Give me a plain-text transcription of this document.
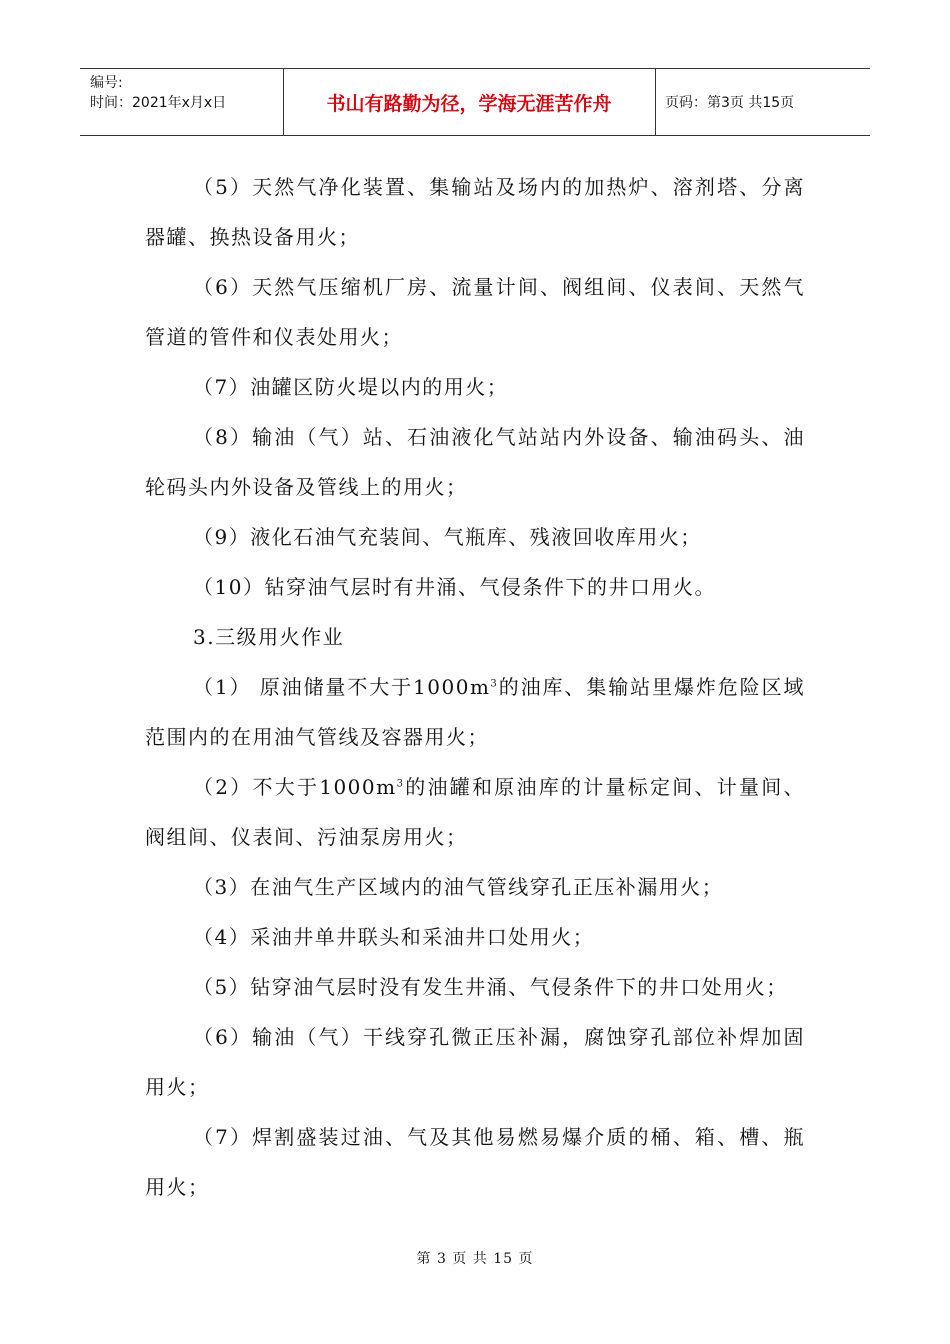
编号:
时间：2021年x月x日	书山有路勤为径，学海无涯苦作舟	页码：第3页 共15页

（5）天然气净化装置、集输站及场内的加热炉、溶剂塔、分离器罐、换热设备用火；

（6）天然气压缩机厂房、流量计间、阀组间、仪表间、天然气管道的管件和仪表处用火；

（7）油罐区防火堤以内的用火；

（8）输油（气）站、石油液化气站站内外设备、输油码头、油轮码头内外设备及管线上的用火；

（9）液化石油气充装间、气瓶库、残液回收库用火；

（10）钻穿油气层时有井涌、气侵条件下的井口用火。

3.三级用火作业

（1） 原油储量不大于$1000m^3$的油库、集输站里爆炸危险区域范围内的在用油气管线及容器用火；

（2）不大于$1000m^3$的油罐和原油库的计量标定间、计量间、阀组间、仪表间、污油泵房用火；

（3）在油气生产区域内的油气管线穿孔正压补漏用火；

（4）采油井单井联头和采油井口处用火；

（5）钻穿油气层时没有发生井涌、气侵条件下的井口处用火；

（6）输油（气）干线穿孔微正压补漏，腐蚀穿孔部位补焊加固用火；

（7）焊割盛装过油、气及其他易燃易爆介质的桶、箱、槽、瓶用火；

第 3 页 共 15 页
